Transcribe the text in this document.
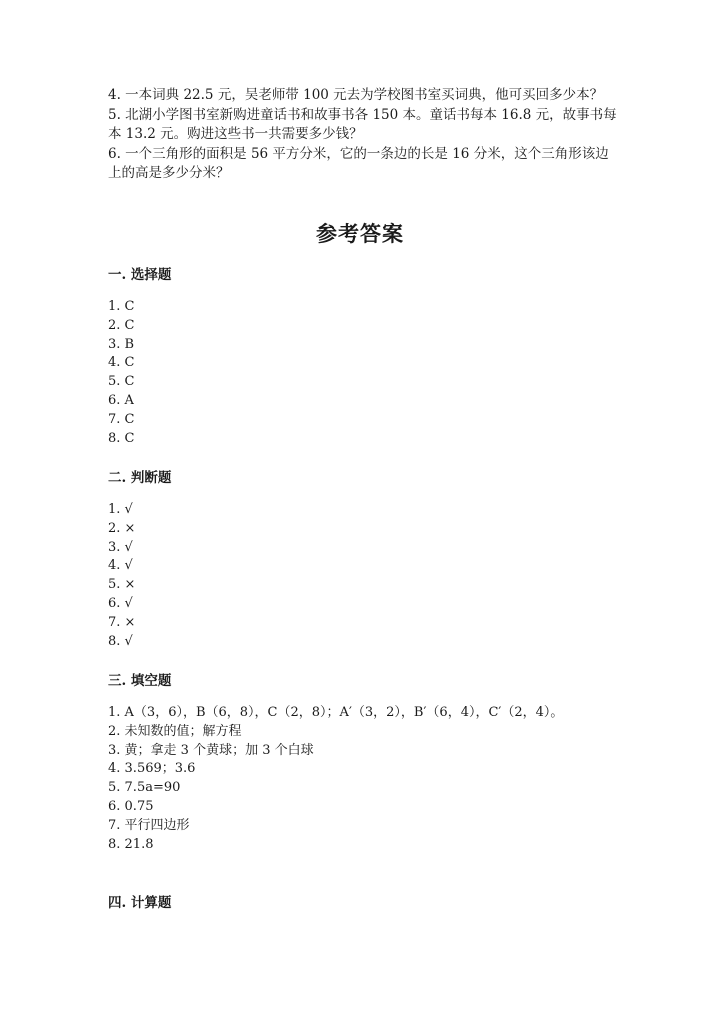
4. 一本词典 22.5 元，吴老师带 100 元去为学校图书室买词典，他可买回多少本？

5. 北湖小学图书室新购进童话书和故事书各 150 本。童话书每本 16.8 元，故事书每本 13.2 元。购进这些书一共需要多少钱？

6. 一个三角形的面积是 56 平方分米，它的一条边的长是 16 分米，这个三角形该边上的高是多少分米？

参考答案
一. 选择题

1. C

2. C

3. B

4. C

5. C

6. A

7. C

8. C

二. 判断题

1. √

2. ×

3. √

4. √

5. ×

6. √

7. ×

8. √

三. 填空题

1. A（3，6），B（6，8），C（2，8）；A′（3，2），B′（6，4），C′（2，4）。

2. 未知数的值；解方程

3. 黄；拿走 3 个黄球；加 3 个白球

4. 3.569；3.6

5. 7.5a=90

6. 0.75

7. 平行四边形

8. 21.8

四. 计算题
